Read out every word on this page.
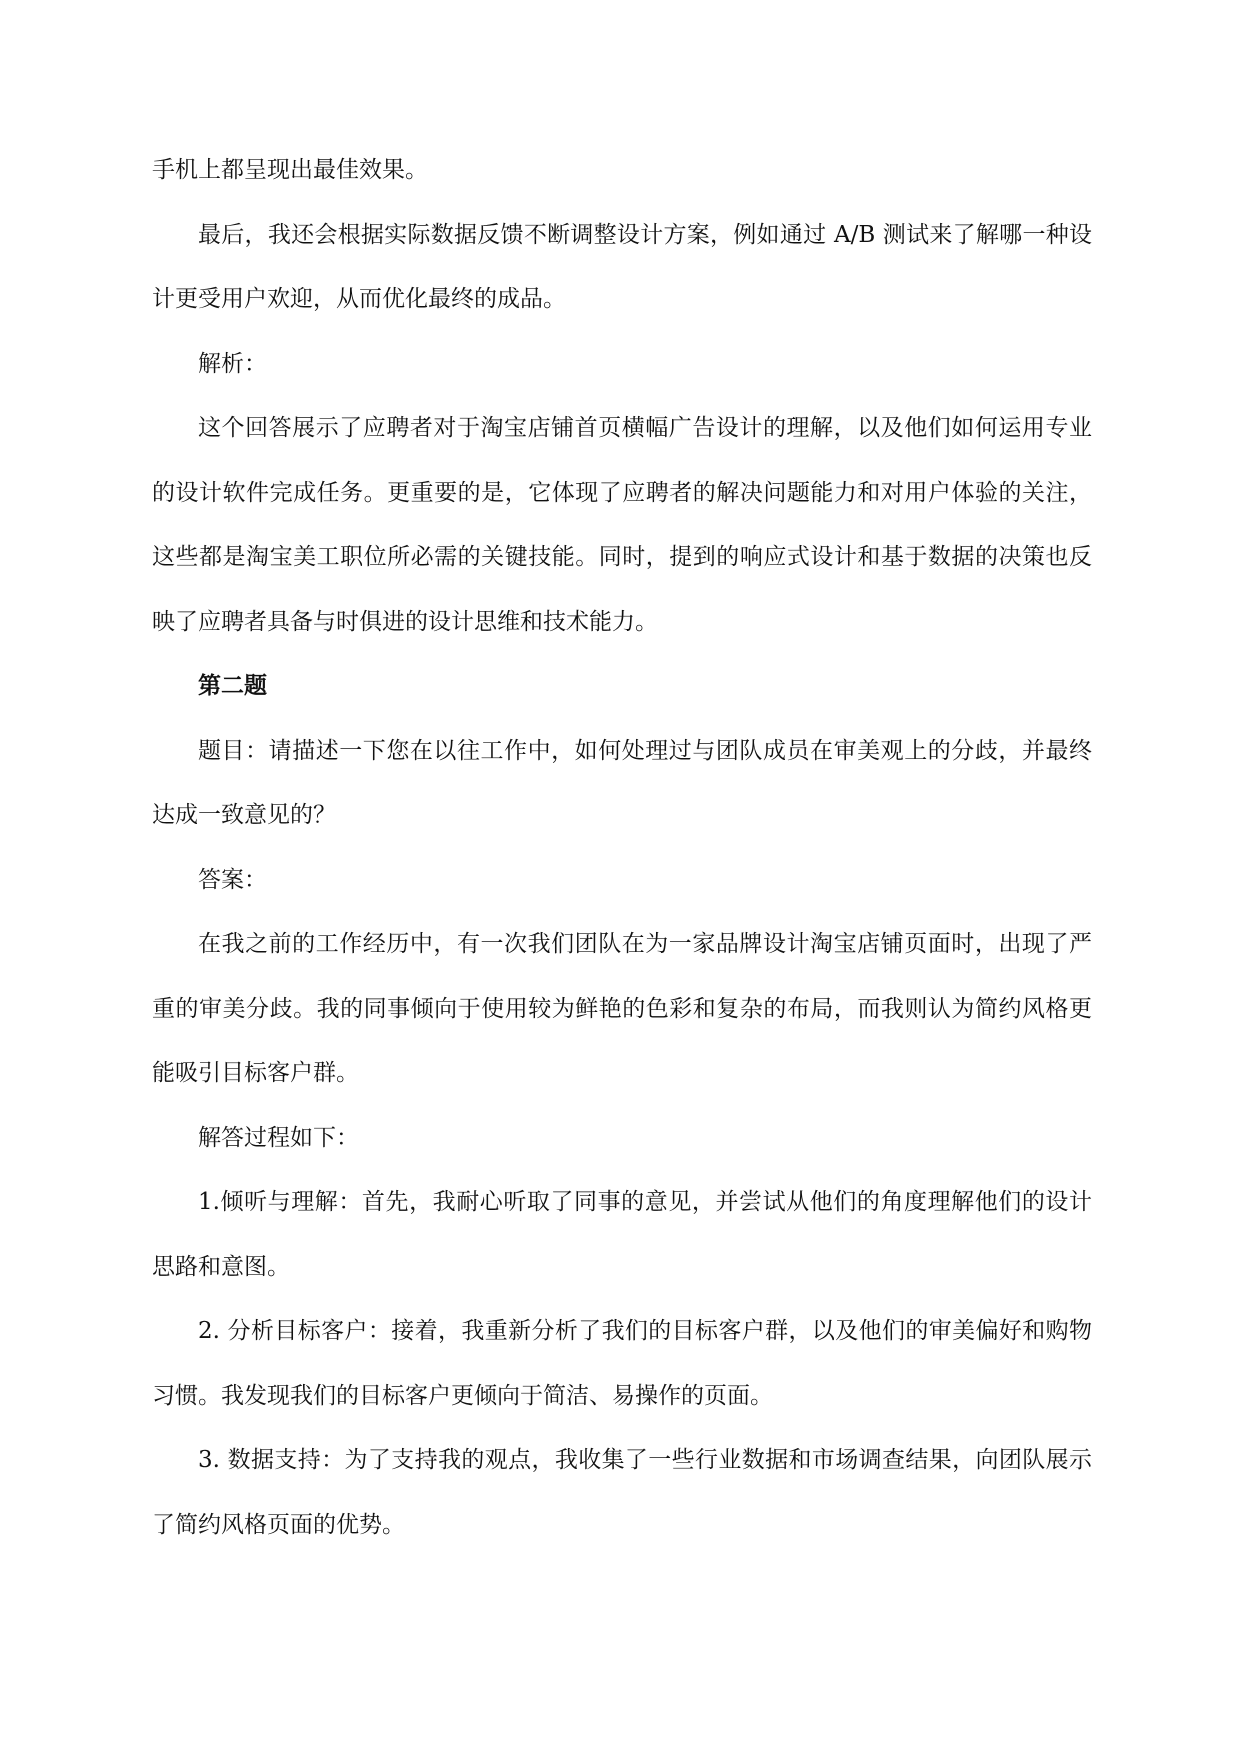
手机上都呈现出最佳效果。

最后，我还会根据实际数据反馈不断调整设计方案，例如通过 A/B 测试来了解哪一种设计更受用户欢迎，从而优化最终的成品。

解析：

这个回答展示了应聘者对于淘宝店铺首页横幅广告设计的理解，以及他们如何运用专业的设计软件完成任务。更重要的是，它体现了应聘者的解决问题能力和对用户体验的关注，这些都是淘宝美工职位所必需的关键技能。同时，提到的响应式设计和基于数据的决策也反映了应聘者具备与时俱进的设计思维和技术能力。

第二题

题目：请描述一下您在以往工作中，如何处理过与团队成员在审美观上的分歧，并最终达成一致意见的？

答案：

在我之前的工作经历中，有一次我们团队在为一家品牌设计淘宝店铺页面时，出现了严重的审美分歧。我的同事倾向于使用较为鲜艳的色彩和复杂的布局，而我则认为简约风格更能吸引目标客户群。

解答过程如下：

1.倾听与理解：首先，我耐心听取了同事的意见，并尝试从他们的角度理解他们的设计思路和意图。

2. 分析目标客户：接着，我重新分析了我们的目标客户群，以及他们的审美偏好和购物习惯。我发现我们的目标客户更倾向于简洁、易操作的页面。

3. 数据支持：为了支持我的观点，我收集了一些行业数据和市场调查结果，向团队展示了简约风格页面的优势。
